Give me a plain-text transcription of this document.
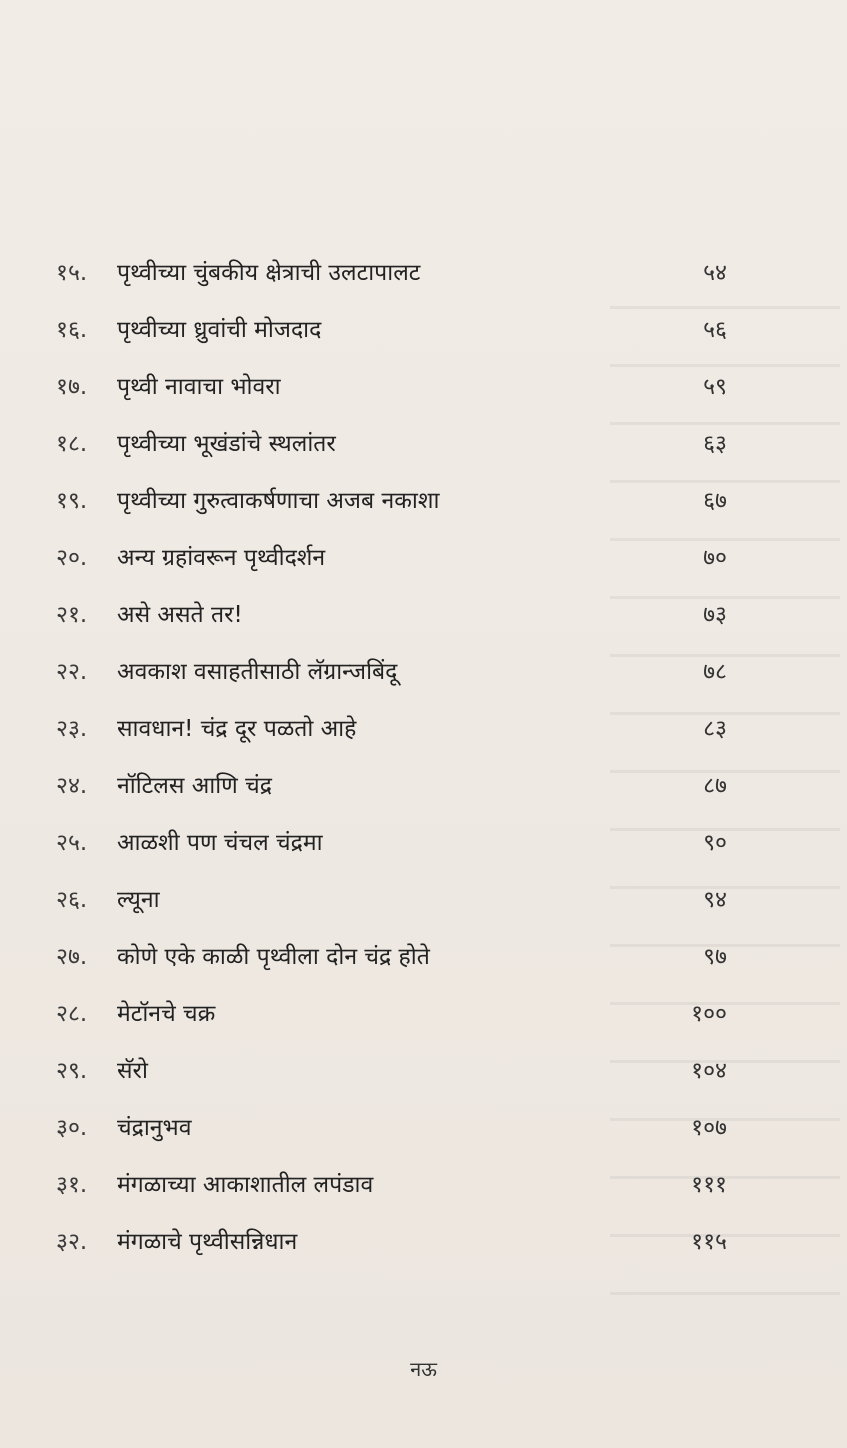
१५.	पृथ्वीच्या चुंबकीय क्षेत्राची उलटापालट	५४
१६.	पृथ्वीच्या ध्रुवांची मोजदाद	५६
१७.	पृथ्वी नावाचा भोवरा	५९
१८.	पृथ्वीच्या भूखंडांचे स्थलांतर	६३
१९.	पृथ्वीच्या गुरुत्वाकर्षणाचा अजब नकाशा	६७
२०.	अन्य ग्रहांवरून पृथ्वीदर्शन	७०
२१.	असे असते तर!	७३
२२.	अवकाश वसाहतीसाठी लॅग्रान्जबिंदू	७८
२३.	सावधान! चंद्र दूर पळतो आहे	८३
२४.	नॉटिलस आणि चंद्र	८७
२५.	आळशी पण चंचल चंद्रमा	९०
२६.	ल्यूना	९४
२७.	कोणे एके काळी पृथ्वीला दोन चंद्र होते	९७
२८.	मेटॉनचे चक्र	१००
२९.	सॅरो	१०४
३०.	चंद्रानुभव	१०७
३१.	मंगळाच्या आकाशातील लपंडाव	१११
३२.	मंगळाचे पृथ्वीसन्निधान	११५
नऊ
